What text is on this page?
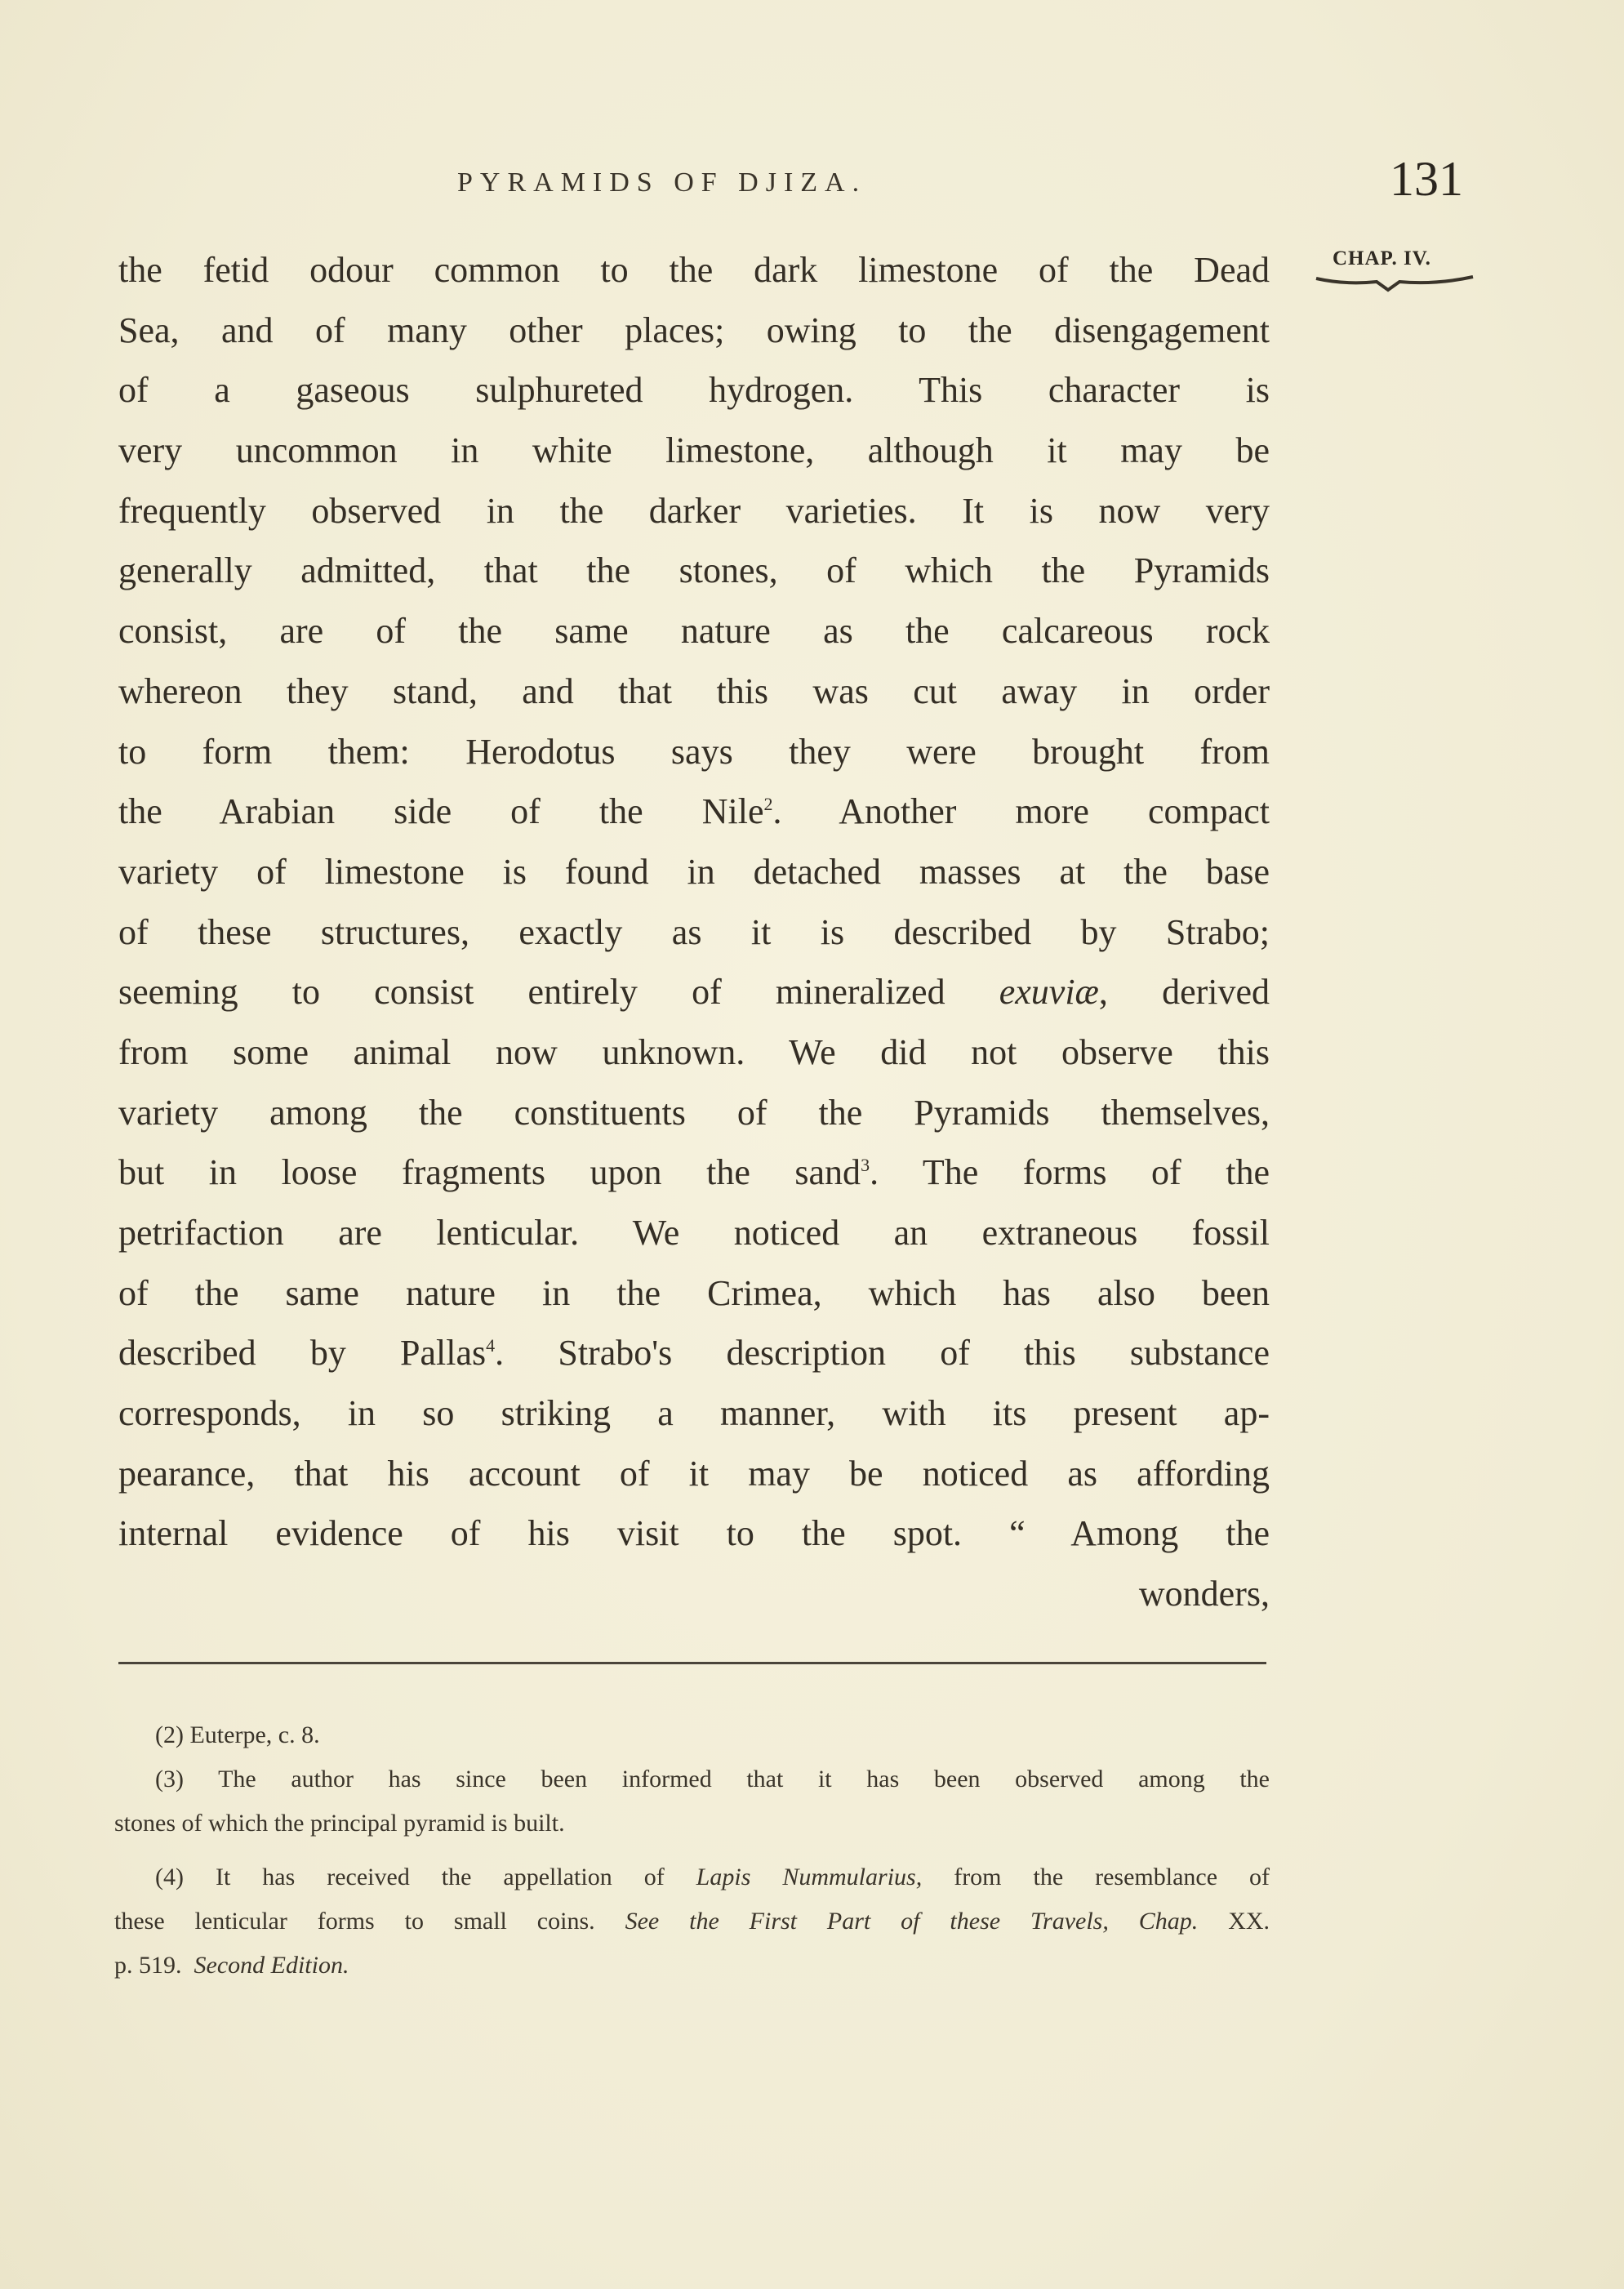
PYRAMIDS OF DJIZA.	131
CHAP. IV.
the fetid odour common to the dark limestone of the Dead
Sea, and of many other places; owing to the disengagement
of a gaseous sulphureted hydrogen. This character is
very uncommon in white limestone, although it may be
frequently observed in the darker varieties. It is now very
generally admitted, that the stones, of which the Pyramids
consist, are of the same nature as the calcareous rock
whereon they stand, and that this was cut away in order
to form them: Herodotus says they were brought from
the Arabian side of the Nile$^2$. Another more compact
variety of limestone is found in detached masses at the base
of these structures, exactly as it is described by Strabo;
seeming to consist entirely of mineralized exuviæ, derived
from some animal now unknown. We did not observe this
variety among the constituents of the Pyramids themselves,
but in loose fragments upon the sand$^3$. The forms of the
petrifaction are lenticular. We noticed an extraneous fossil
of the same nature in the Crimea, which has also been
described by Pallas$^4$. Strabo's description of this substance
corresponds, in so striking a manner, with its present ap-
pearance, that his account of it may be noticed as affording
internal evidence of his visit to the spot. “ Among the
wonders,
(2) Euterpe, c. 8.
(3) The author has since been informed that it has been observed among the
stones of which the principal pyramid is built.
(4) It has received the appellation of Lapis Nummularius, from the resemblance of
these lenticular forms to small coins. See the First Part of these Travels, Chap. XX.
p. 519. Second Edition.
